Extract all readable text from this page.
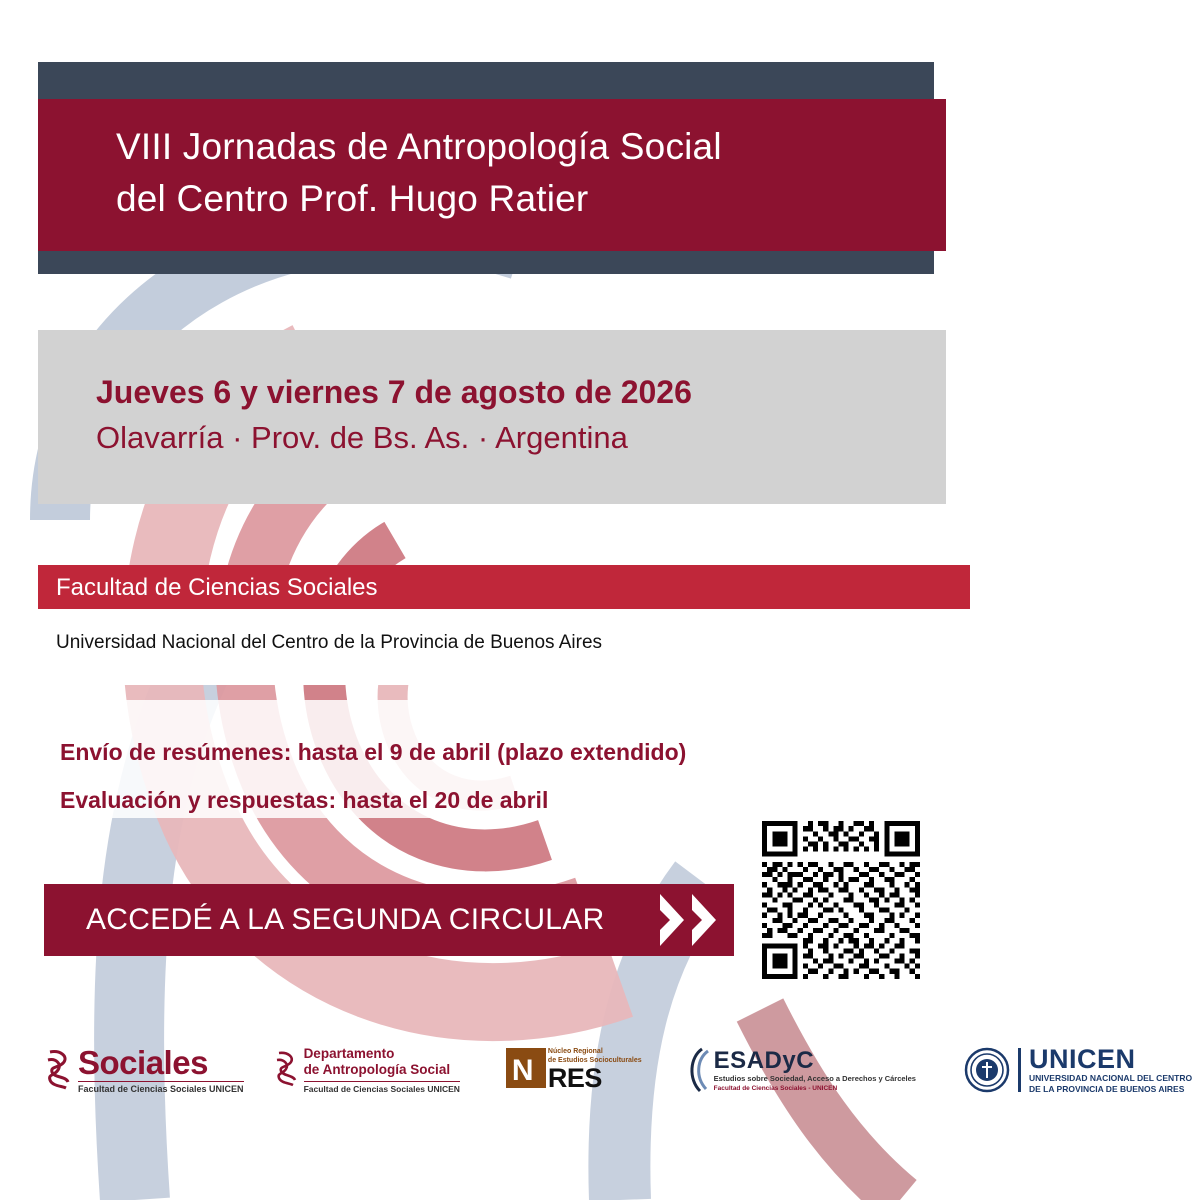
VIII Jornadas de Antropología Social
del Centro Prof. Hugo Ratier
Jueves 6 y viernes 7 de agosto de 2026
Olavarría · Prov. de Bs. As. · Argentina
Facultad de Ciencias Sociales
Universidad Nacional del Centro de la Provincia de Buenos Aires
Envío de resúmenes: hasta el 9 de abril (plazo extendido)
Evaluación y respuestas: hasta el 20 de abril
ACCEDÉ A LA SEGUNDA CIRCULAR
Sociales
Facultad de Ciencias Sociales UNICEN
Departamento
de Antropología Social
Facultad de Ciencias Sociales UNICEN
N
Núcleo Regional
de Estudios Socioculturales
RES
ESADyC
Estudios sobre Sociedad, Acceso a Derechos y Cárceles
Facultad de Ciencias Sociales - UNICEN
UNICEN
UNIVERSIDAD NACIONAL DEL CENTRO
DE LA PROVINCIA DE BUENOS AIRES
